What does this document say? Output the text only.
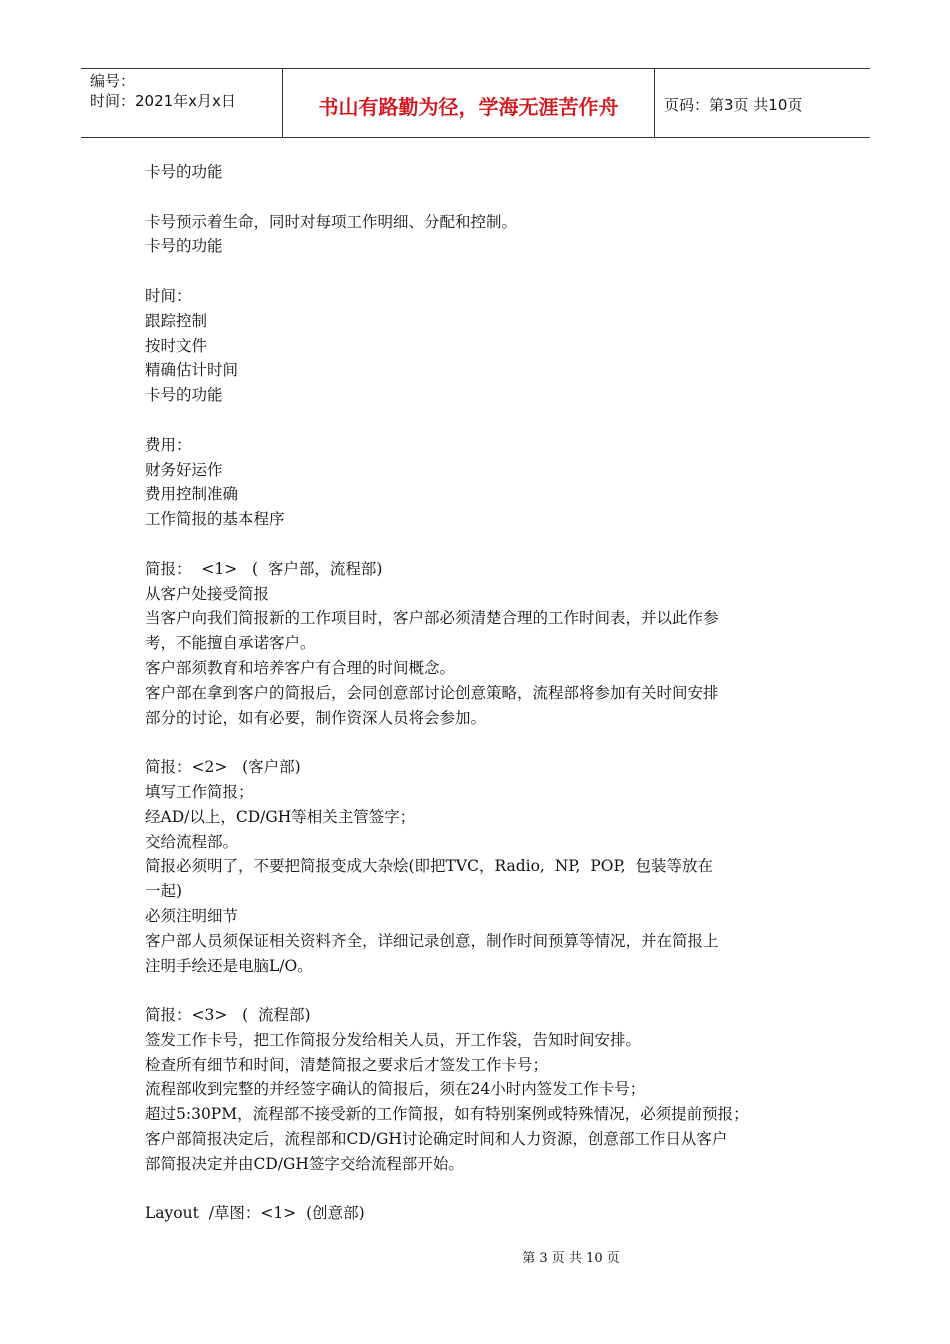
编号：
时间：2021年x月x日	书山有路勤为径，学海无涯苦作舟	页码：第3页 共10页
卡号的功能
卡号预示着生命，同时对每项工作明细、分配和控制。
卡号的功能
时间：
跟踪控制
按时文件
精确估计时间
卡号的功能
费用：
财务好运作
费用控制准确
工作简报的基本程序
简报：  <1>   (  客户部，流程部)
从客户处接受简报
当客户向我们简报新的工作项目时，客户部必须清楚合理的工作时间表，并以此作参
考，不能擅自承诺客户。
客户部须教育和培养客户有合理的时间概念。
客户部在拿到客户的简报后，会同创意部讨论创意策略，流程部将参加有关时间安排
部分的讨论，如有必要，制作资深人员将会参加。
简报：<2>   (客户部)
填写工作简报；
经AD/以上，CD/GH等相关主管签字；
交给流程部。
简报必须明了，不要把简报变成大杂烩(即把TVC，Radio,  NP,  POP,  包装等放在
一起)
必须注明细节
客户部人员须保证相关资料齐全，详细记录创意，制作时间预算等情况，并在简报上
注明手绘还是电脑L/O。
简报：<3>   (  流程部)
签发工作卡号，把工作简报分发给相关人员，开工作袋，告知时间安排。
检查所有细节和时间，清楚简报之要求后才签发工作卡号；
流程部收到完整的并经签字确认的简报后，须在24小时内签发工作卡号；
超过5:30PM，流程部不接受新的工作简报，如有特别案例或特殊情况，必须提前预报；
客户部简报决定后，流程部和CD/GH讨论确定时间和人力资源，创意部工作日从客户
部简报决定并由CD/GH签字交给流程部开始。
Layout  /草图：<1>  (创意部)
第 3 页 共 10 页
